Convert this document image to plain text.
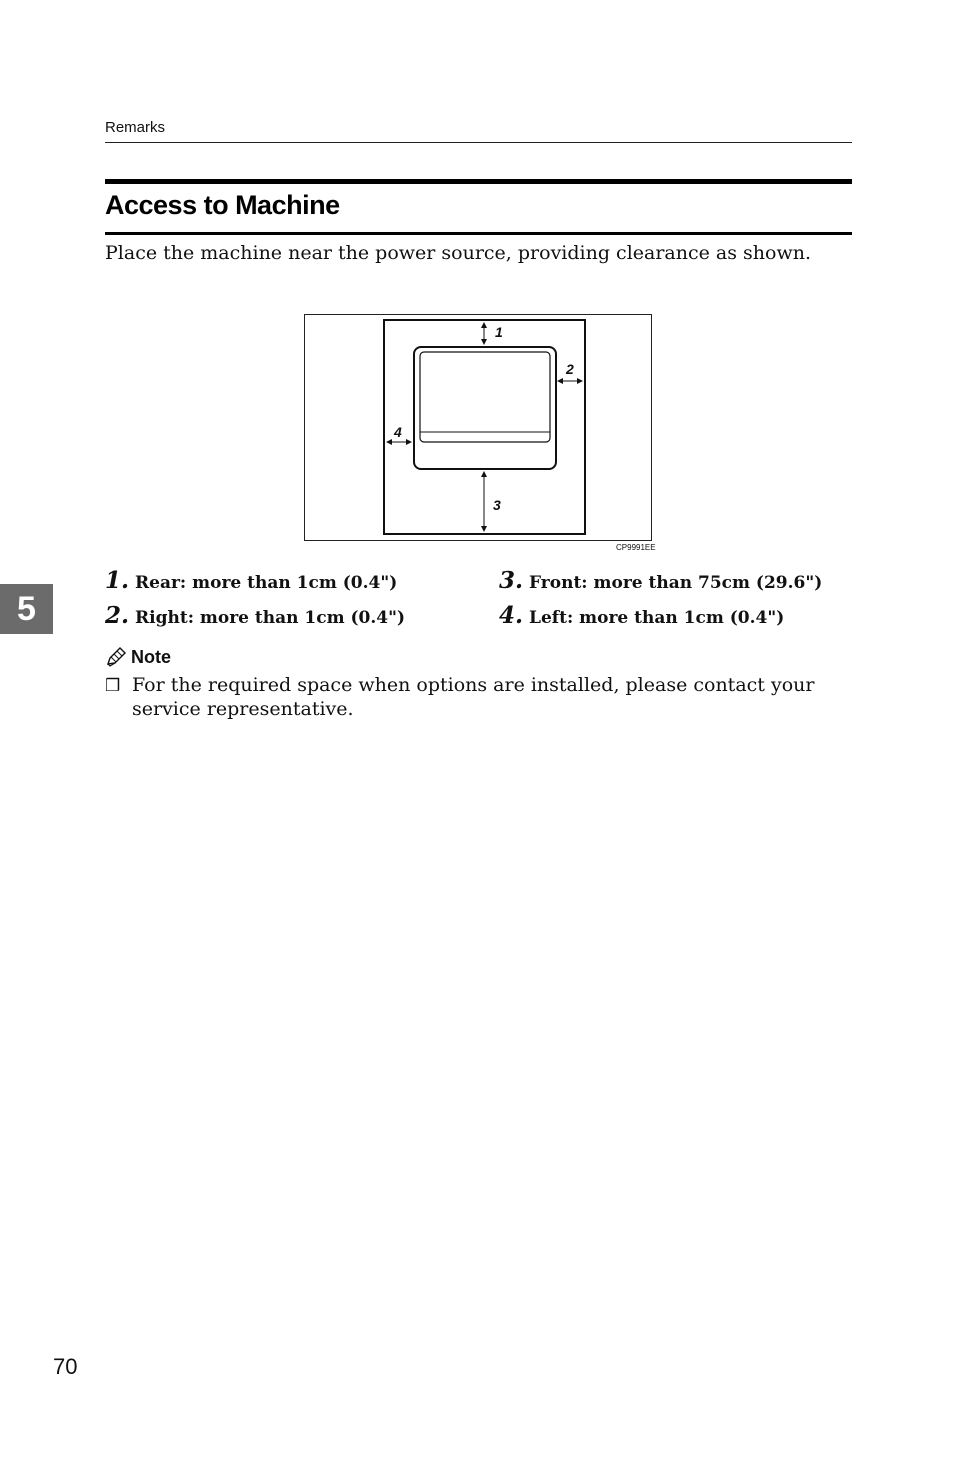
Remarks
Access to Machine
Place the machine near the power source, providing clearance as shown.
1
2
3
4
CP9991EE
1. Rear: more than 1cm (0.4")
2. Right: more than 1cm (0.4")
3. Front: more than 75cm (29.6")
4. Left: more than 1cm (0.4")
5
Note
❒ For the required space when options are installed, please contact your service representative.
70
